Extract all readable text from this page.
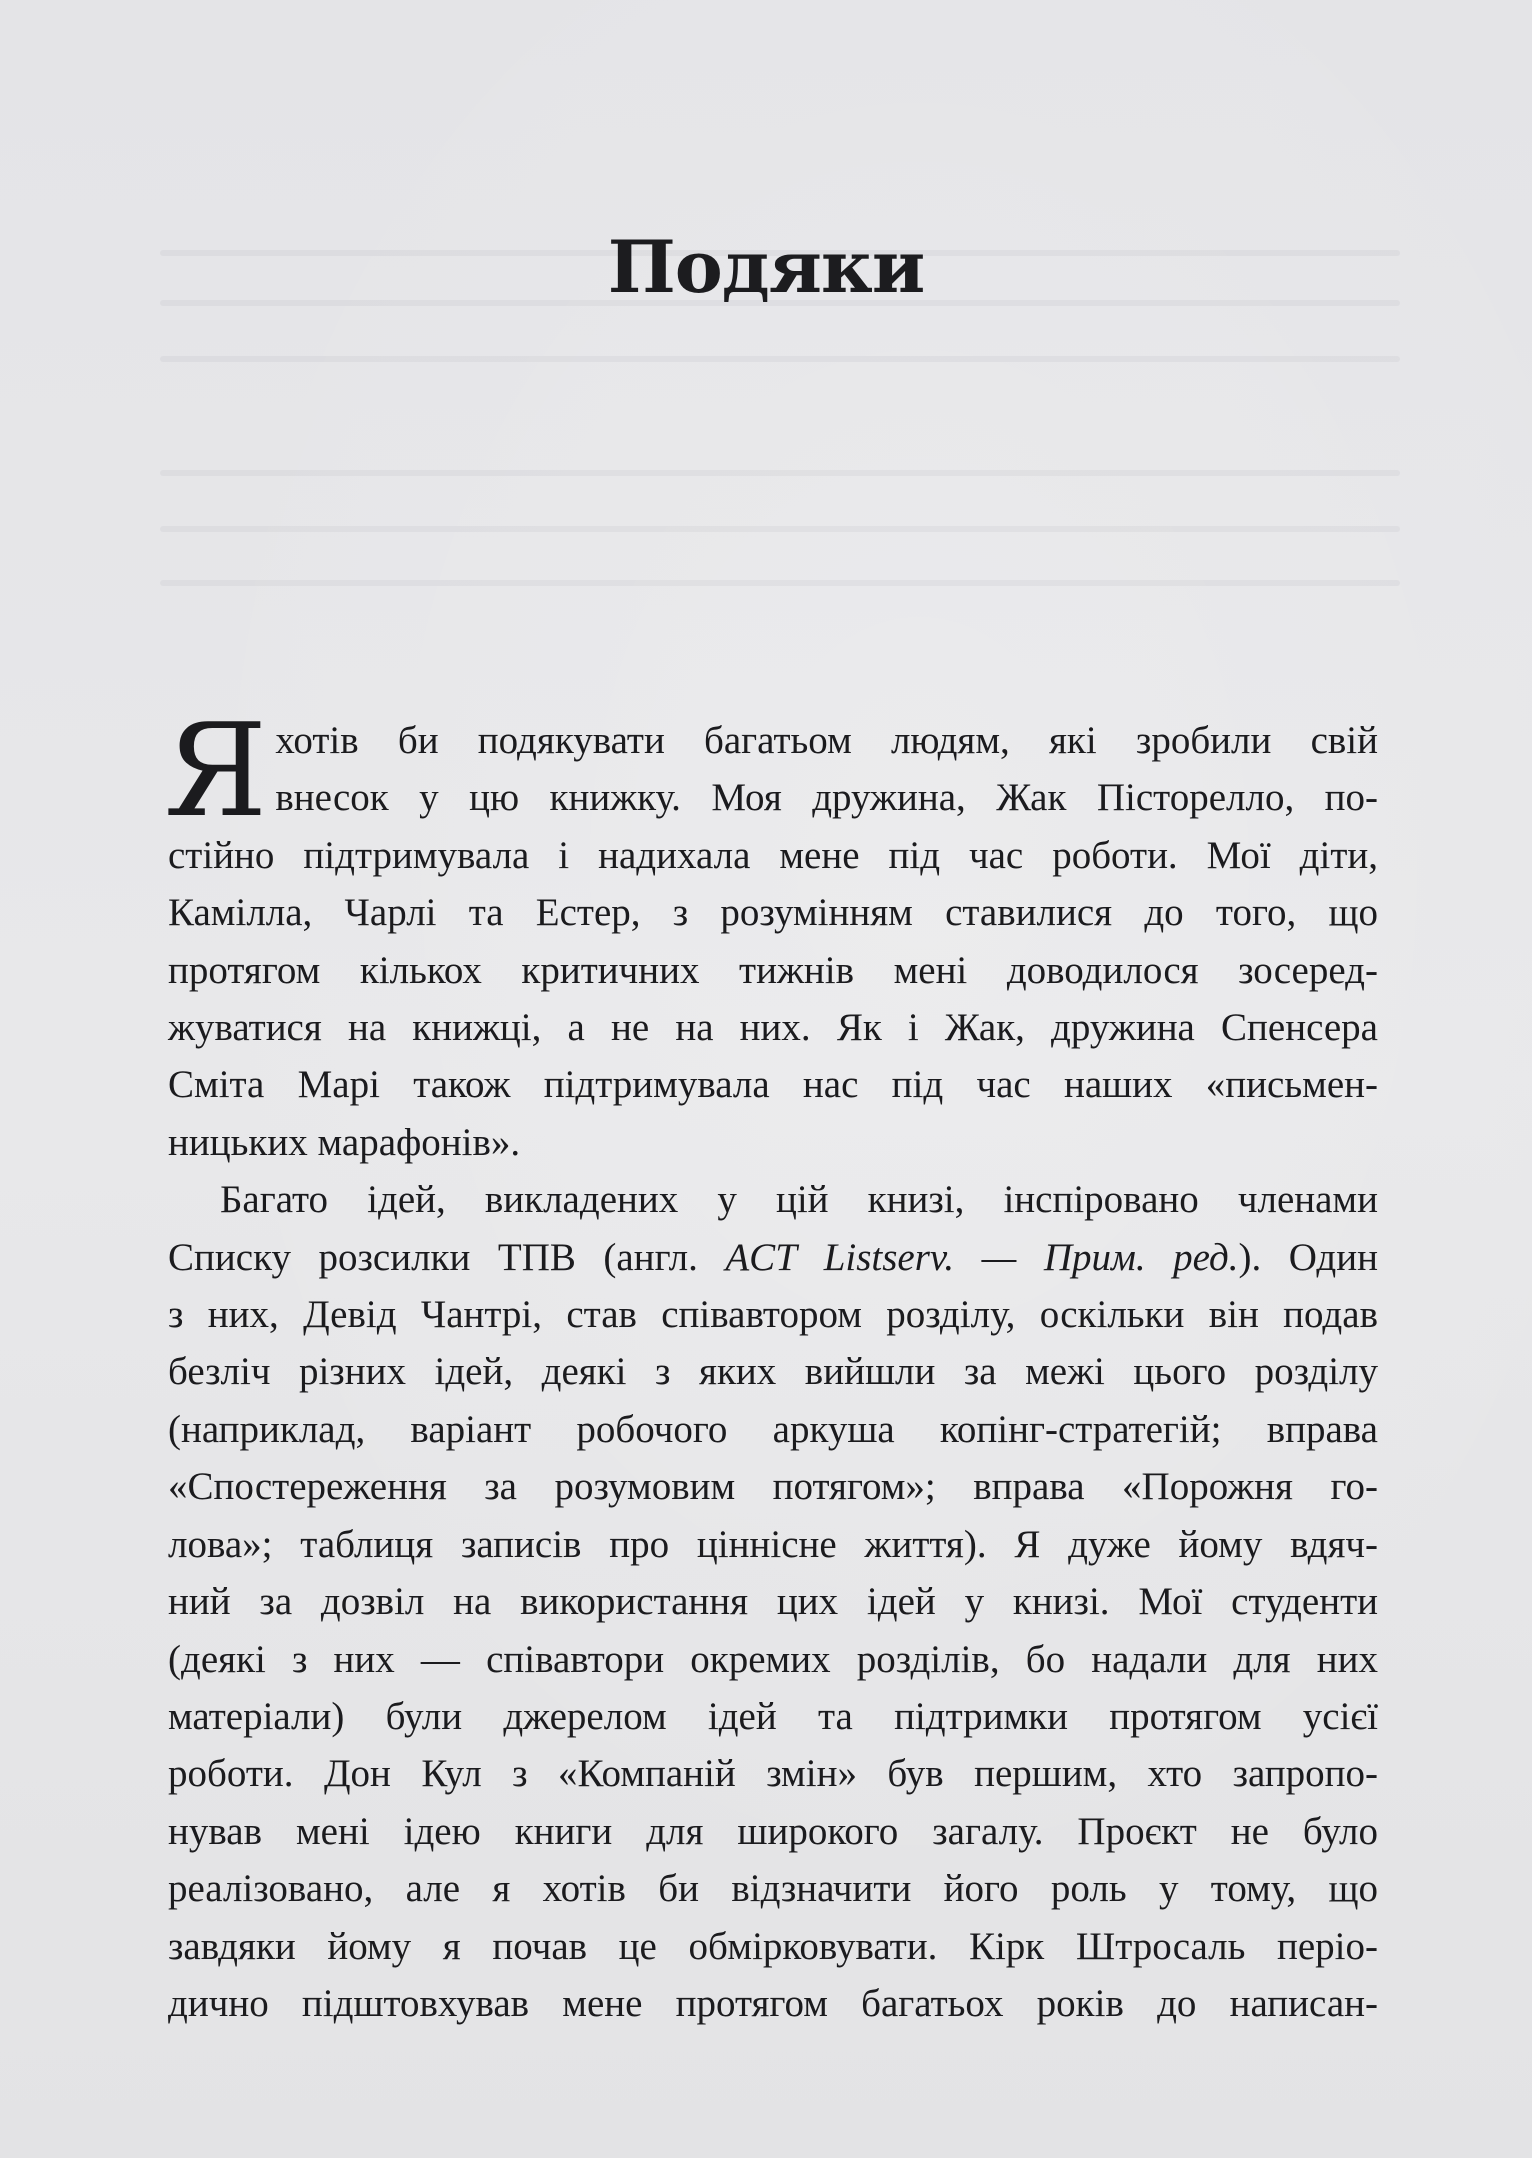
Подяки

Я хотів би подякувати багатьом людям, які зробили свій
внесок у цю книжку. Моя дружина, Жак Пісторелло, по-
стійно підтримувала і надихала мене під час роботи. Мої діти,
Камілла, Чарлі та Естер, з розумінням ставилися до того, що
протягом кількох критичних тижнів мені доводилося зосеред-
жуватися на книжці, а не на них. Як і Жак, дружина Спенсера
Сміта Марі також підтримувала нас під час наших «письмен-
ницьких марафонів».

Багато ідей, викладених у цій книзі, інспіровано членами
Списку розсилки ТПВ (англ. ACT Listserv. — Прим. ред.). Один
з них, Девід Чантрі, став співавтором розділу, оскільки він подав
безліч різних ідей, деякі з яких вийшли за межі цього розділу
(наприклад, варіант робочого аркуша копінг-стратегій; вправа
«Спостереження за розумовим потягом»; вправа «Порожня го-
лова»; таблиця записів про ціннісне життя). Я дуже йому вдяч-
ний за дозвіл на використання цих ідей у книзі. Мої студенти
(деякі з них — співавтори окремих розділів, бо надали для них
матеріали) були джерелом ідей та підтримки протягом усієї
роботи. Дон Кул з «Компаній змін» був першим, хто запропо-
нував мені ідею книги для широкого загалу. Проєкт не було
реалізовано, але я хотів би відзначити його роль у тому, що
завдяки йому я почав це обмірковувати. Кірк Штросаль періо-
дично підштовхував мене протягом багатьох років до написан-
